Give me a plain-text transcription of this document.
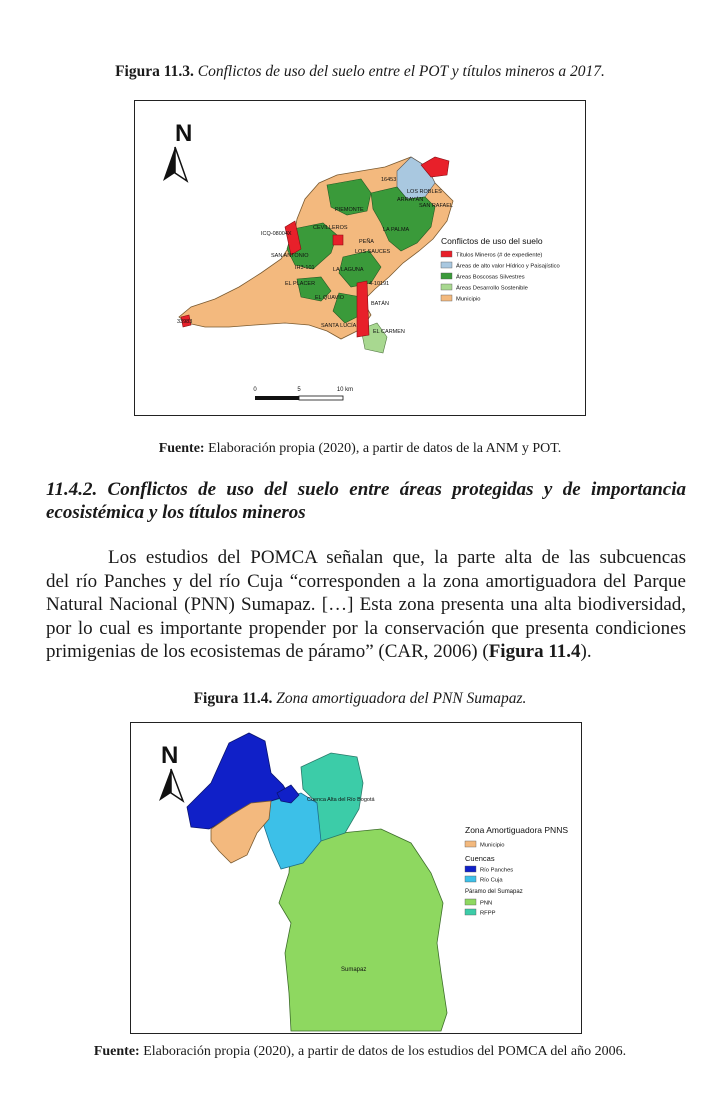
Figura 11.3. Conflictos de uso del suelo entre el POT y títulos mineros a 2017.
N
16453
LOS ROBLES
ARRAYÁN
SAN RAFAEL
PIEMONTE
ICQ-08004X
CEVILLEROS	LA PALMA
PEÑA
LOS SAUCES
SAN ANTONIO
IH3-101	LA LAGUNA
EL PLACER	4-10191
EL QUAVIO
BATÁN
SANTA LUCÍA
EL CARMEN
33983
Conflictos de uso del suelo
Títulos Mineros (# de expediente)
Áreas de alto valor Hídrico y Paisajístico
Áreas Boscosas Silvestres
Áreas Desarrollo Sostenible
Municipio
0	5	10 km
Fuente: Elaboración propia (2020), a partir de datos de la ANM y POT.
11.4.2. Conflictos de uso del suelo entre áreas protegidas y de importancia ecosistémica y los títulos mineros
Los estudios del POMCA señalan que, la parte alta de las subcuencas
del río Panches y del río Cuja “corresponden a la zona amortiguadora del Parque
Natural Nacional (PNN) Sumapaz. […] Esta zona presenta una alta biodiversidad,
por lo cual es importante propender por la conservación que presenta condiciones
primigenias de los ecosistemas de páramo” (CAR, 2006) (Figura 11.4).
Figura 11.4. Zona amortiguadora del PNN Sumapaz.
N
Cuenca Alta del Río Bogotá
Sumapaz
Zona Amortiguadora PNNS
Municipio
Cuencas
Río Panches
Río Cuja
Páramo del Sumapaz
PNN
RFPP
Fuente: Elaboración propia (2020), a partir de datos de los estudios del POMCA del año 2006.
